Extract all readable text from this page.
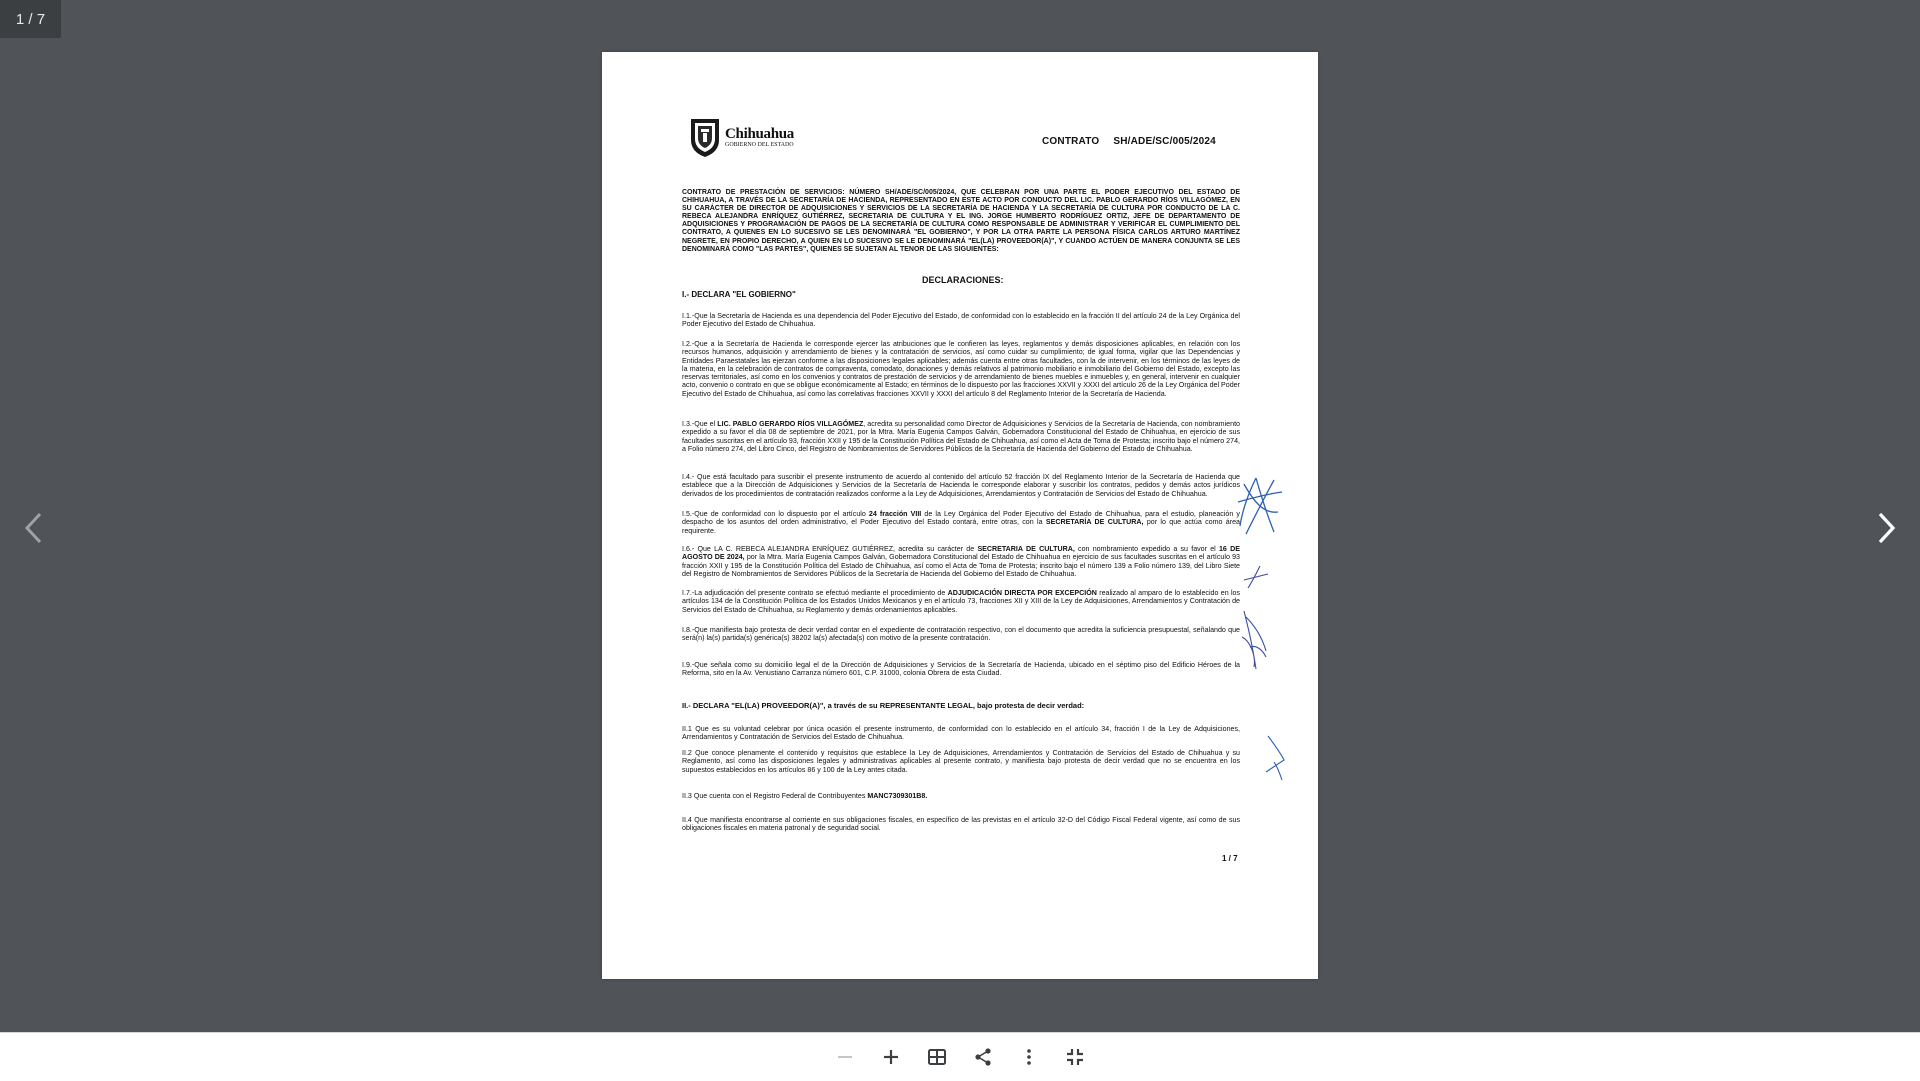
1 / 7
Chihuahua
GOBIERNO DEL ESTADO	CONTRATO SH/ADE/SC/005/2024
CONTRATO DE PRESTACIÓN DE SERVICIOS: NÚMERO SH/ADE/SC/005/2024, QUE CELEBRAN POR UNA PARTE EL PODER EJECUTIVO DEL ESTADO DE CHIHUAHUA, A TRAVÉS DE LA SECRETARÍA DE HACIENDA, REPRESENTADO EN ESTE ACTO POR CONDUCTO DEL LIC. PABLO GERARDO RÍOS VILLAGÓMEZ, EN SU CARÁCTER DE DIRECTOR DE ADQUISICIONES Y SERVICIOS DE LA SECRETARÍA DE HACIENDA Y LA SECRETARÍA DE CULTURA POR CONDUCTO DE LA C. REBECA ALEJANDRA ENRÍQUEZ GUTIÉRREZ, SECRETARIA DE CULTURA Y EL ING. JORGE HUMBERTO RODRÍGUEZ ORTIZ, JEFE DE DEPARTAMENTO DE ADQUISICIONES Y PROGRAMACIÓN DE PAGOS DE LA SECRETARÍA DE CULTURA COMO RESPONSABLE DE ADMINISTRAR Y VERIFICAR EL CUMPLIMIENTO DEL CONTRATO, A QUIENES EN LO SUCESIVO SE LES DENOMINARÁ "EL GOBIERNO", Y POR LA OTRA PARTE LA PERSONA FÍSICA CARLOS ARTURO MARTÍNEZ NEGRETE, EN PROPIO DERECHO, A QUIEN EN LO SUCESIVO SE LE DENOMINARÁ "EL(LA) PROVEEDOR(A)", Y CUANDO ACTÚEN DE MANERA CONJUNTA SE LES DENOMINARÁ COMO "LAS PARTES", QUIENES SE SUJETAN AL TENOR DE LAS SIGUIENTES:
DECLARACIONES:
I.- DECLARA "EL GOBIERNO"
I.1.-Que la Secretaría de Hacienda es una dependencia del Poder Ejecutivo del Estado, de conformidad con lo establecido en la fracción II del artículo 24 de la Ley Orgánica del Poder Ejecutivo del Estado de Chihuahua.
I.2.-Que a la Secretaría de Hacienda le corresponde ejercer las atribuciones que le confieren las leyes, reglamentos y demás disposiciones aplicables, en relación con los recursos humanos, adquisición y arrendamiento de bienes y la contratación de servicios, así como cuidar su cumplimiento; de igual forma, vigilar que las Dependencias y Entidades Paraestatales las ejerzan conforme a las disposiciones legales aplicables; además cuenta entre otras facultades, con la de intervenir, en los términos de las leyes de la materia, en la celebración de contratos de compraventa, comodato, donaciones y demás relativos al patrimonio mobiliario e inmobiliario del Gobierno del Estado, excepto las reservas territoriales, así como en los convenios y contratos de prestación de servicios y de arrendamiento de bienes muebles e inmuebles y, en general, intervenir en cualquier acto, convenio o contrato en que se obligue económicamente al Estado; en términos de lo dispuesto por las fracciones XXVII y XXXI del artículo 26 de la Ley Orgánica del Poder Ejecutivo del Estado de Chihuahua, así como las correlativas fracciones XXVII y XXXI del artículo 8 del Reglamento Interior de la Secretaría de Hacienda.
I.3.-Que el LIC. PABLO GERARDO RÍOS VILLAGÓMEZ, acredita su personalidad como Director de Adquisiciones y Servicios de la Secretaría de Hacienda, con nombramiento expedido a su favor el día 08 de septiembre de 2021, por la Mtra. María Eugenia Campos Galván, Gobernadora Constitucional del Estado de Chihuahua, en ejercicio de sus facultades suscritas en el artículo 93, fracción XXII y 195 de la Constitución Política del Estado de Chihuahua, así como el Acta de Toma de Protesta; inscrito bajo el número 274, a Folio número 274, del Libro Cinco, del Registro de Nombramientos de Servidores Públicos de la Secretaría de Hacienda del Gobierno del Estado de Chihuahua.
I.4.- Que está facultado para suscribir el presente instrumento de acuerdo al contenido del artículo 52 fracción IX del Reglamento Interior de la Secretaría de Hacienda que establece que a la Dirección de Adquisiciones y Servicios de la Secretaría de Hacienda le corresponde elaborar y suscribir los contratos, pedidos y demás actos jurídicos derivados de los procedimientos de contratación realizados conforme a la Ley de Adquisiciones, Arrendamientos y Contratación de Servicios del Estado de Chihuahua.
I.5.-Que de conformidad con lo dispuesto por el artículo 24 fracción VIII de la Ley Orgánica del Poder Ejecutivo del Estado de Chihuahua, para el estudio, planeación y despacho de los asuntos del orden administrativo, el Poder Ejecutivo del Estado contará, entre otras, con la SECRETARÍA DE CULTURA, por lo que actúa como área requirente.
I.6.- Que LA C. REBECA ALEJANDRA ENRÍQUEZ GUTIÉRREZ, acredita su carácter de SECRETARIA DE CULTURA, con nombramiento expedido a su favor el 16 DE AGOSTO DE 2024, por la Mtra. María Eugenia Campos Galván, Gobernadora Constitucional del Estado de Chihuahua en ejercicio de sus facultades suscritas en el artículo 93 fracción XXII y 195 de la Constitución Política del Estado de Chihuahua, así como el Acta de Toma de Protesta; inscrito bajo el número 139 a Folio número 139, del Libro Siete del Registro de Nombramientos de Servidores Públicos de la Secretaría de Hacienda del Gobierno del Estado de Chihuahua.
I.7.-La adjudicación del presente contrato se efectuó mediante el procedimiento de ADJUDICACIÓN DIRECTA POR EXCEPCIÓN realizado al amparo de lo establecido en los artículos 134 de la Constitución Política de los Estados Unidos Mexicanos y en el artículo 73, fracciones XII y XIII de la Ley de Adquisiciones, Arrendamientos y Contratación de Servicios del Estado de Chihuahua, su Reglamento y demás ordenamientos aplicables.
I.8.-Que manifiesta bajo protesta de decir verdad contar en el expediente de contratación respectivo, con el documento que acredita la suficiencia presupuestal, señalando que será(n) la(s) partida(s) genérica(s) 38202 la(s) afectada(s) con motivo de la presente contratación.
I.9.-Que señala como su domicilio legal el de la Dirección de Adquisiciones y Servicios de la Secretaría de Hacienda, ubicado en el séptimo piso del Edificio Héroes de la Reforma, sito en la Av. Venustiano Carranza número 601, C.P. 31000, colonia Obrera de esta Ciudad.
II.- DECLARA "EL(LA) PROVEEDOR(A)", a través de su REPRESENTANTE LEGAL, bajo protesta de decir verdad:
II.1 Que es su voluntad celebrar por única ocasión el presente instrumento, de conformidad con lo establecido en el artículo 34, fracción I de la Ley de Adquisiciones, Arrendamientos y Contratación de Servicios del Estado de Chihuahua.
II.2 Que conoce plenamente el contenido y requisitos que establece la Ley de Adquisiciones, Arrendamientos y Contratación de Servicios del Estado de Chihuahua y su Reglamento, así como las disposiciones legales y administrativas aplicables al presente contrato, y manifiesta bajo protesta de decir verdad que no se encuentra en los supuestos establecidos en los artículos 86 y 100 de la Ley antes citada.
II.3 Que cuenta con el Registro Federal de Contribuyentes MANC7309301B8.
II.4 Que manifiesta encontrarse al corriente en sus obligaciones fiscales, en específico de las previstas en el artículo 32-D del Código Fiscal Federal vigente, así como de sus obligaciones fiscales en materia patronal y de seguridad social.
1 / 7
